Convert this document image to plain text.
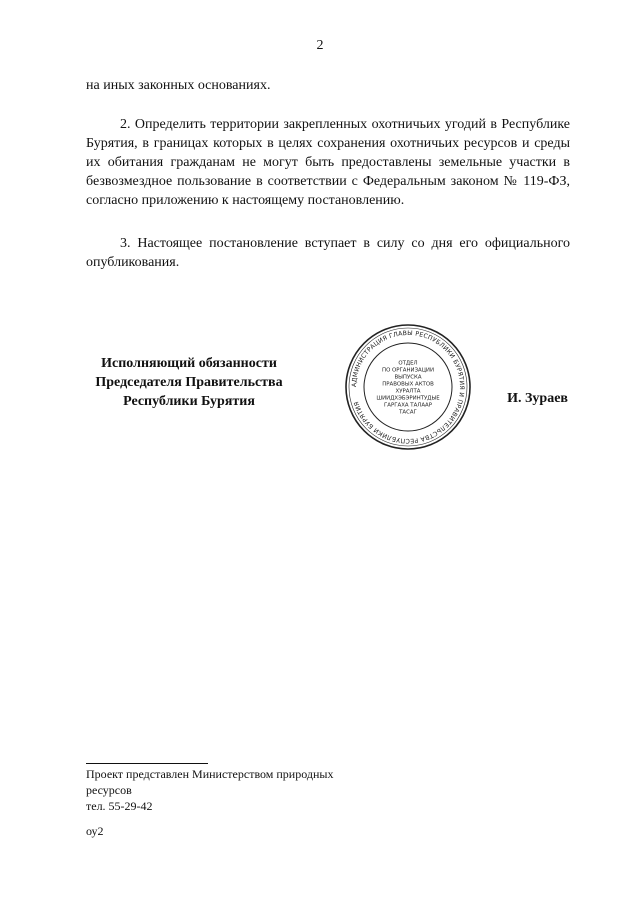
2
на иных законных основаниях.
2. Определить территории закрепленных охотничьих угодий в Республике Бурятия, в границах которых в целях сохранения охотничьих ресурсов и среды их обитания гражданам не могут быть предоставлены земельные участки в безвозмездное пользование в соответствии с Федеральным законом № 119-ФЗ, согласно приложению к настоящему постановлению.
3. Настоящее постановление вступает в силу со дня его официального опубликования.
Исполняющий обязанности
Председателя Правительства
Республики Бурятия
АДМИНИСТРАЦИЯ ГЛАВЫ РЕСПУБЛИКИ БУРЯТИЯ И ПРАВИТЕЛЬСТВА РЕСПУБЛИКИ БУРЯТИЯ
ОТДЕЛ
ПО ОРГАНИЗАЦИИ
ВЫПУСКА
ПРАВОВЫХ АКТОВ
ХУРАЛТА
ШИИДХЭБЭРИНТУДЫЕ
ГАРГАХА ТАЛААР
ТАСАГ
И. Зураев
Проект представлен Министерством природных
ресурсов
тел. 55-29-42
оу2
